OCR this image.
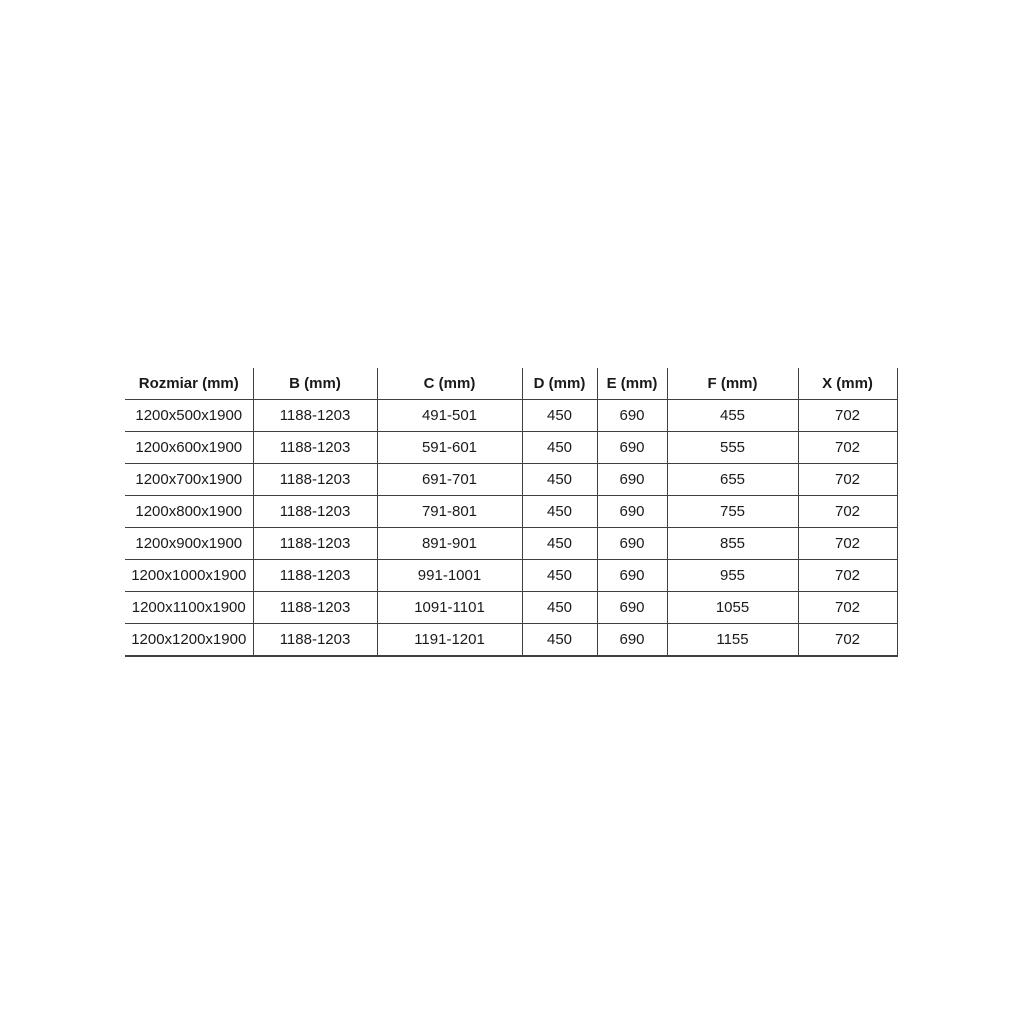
Rozmiar (mm)	B (mm)	C (mm)	D (mm)	E (mm)	F (mm)	X (mm)
1200x500x1900	1188-1203	491-501	450	690	455	702
1200x600x1900	1188-1203	591-601	450	690	555	702
1200x700x1900	1188-1203	691-701	450	690	655	702
1200x800x1900	1188-1203	791-801	450	690	755	702
1200x900x1900	1188-1203	891-901	450	690	855	702
1200x1000x1900	1188-1203	991-1001	450	690	955	702
1200x1100x1900	1188-1203	1091-1101	450	690	1055	702
1200x1200x1900	1188-1203	1191-1201	450	690	1155	702
